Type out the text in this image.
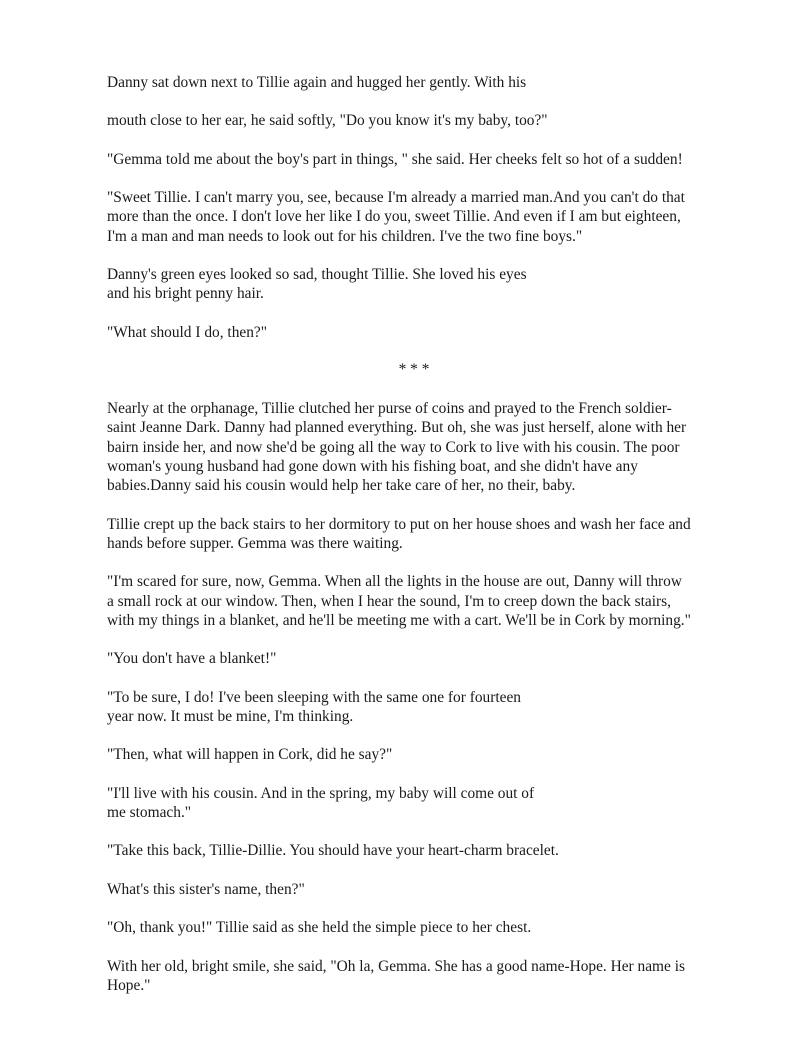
Danny sat down next to Tillie again and hugged her gently. With his

mouth close to her ear, he said softly, "Do you know it's my baby, too?"

"Gemma told me about the boy's part in things, " she said. Her cheeks felt so hot of a sudden!

"Sweet Tillie. I can't marry you, see, because I'm already a married man.And you can't do that

more than the once. I don't love her like I do you, sweet Tillie. And even if I am but eighteen,

I'm a man and man needs to look out for his children. I've the two fine boys."

Danny's green eyes looked so sad, thought Tillie. She loved his eyes

and his bright penny hair.

"What should I do, then?"

* * *

Nearly at the orphanage, Tillie clutched her purse of coins and prayed to the French soldier-

saint Jeanne Dark. Danny had planned everything. But oh, she was just herself, alone with her

bairn inside her, and now she'd be going all the way to Cork to live with his cousin. The poor

woman's young husband had gone down with his fishing boat, and she didn't have any

babies.Danny said his cousin would help her take care of her, no their, baby.

Tillie crept up the back stairs to her dormitory to put on her house shoes and wash her face and

hands before supper. Gemma was there waiting.

"I'm scared for sure, now, Gemma. When all the lights in the house are out, Danny will throw

a small rock at our window. Then, when I hear the sound, I'm to creep down the back stairs,

with my things in a blanket, and he'll be meeting me with a cart. We'll be in Cork by morning."

"You don't have a blanket!"

"To be sure, I do! I've been sleeping with the same one for fourteen

year now. It must be mine, I'm thinking.

"Then, what will happen in Cork, did he say?"

"I'll live with his cousin. And in the spring, my baby will come out of

me stomach."

"Take this back, Tillie-Dillie. You should have your heart-charm bracelet.

What's this sister's name, then?"

"Oh, thank you!" Tillie said as she held the simple piece to her chest.

With her old, bright smile, she said, "Oh la, Gemma. She has a good name-Hope. Her name is

Hope."
